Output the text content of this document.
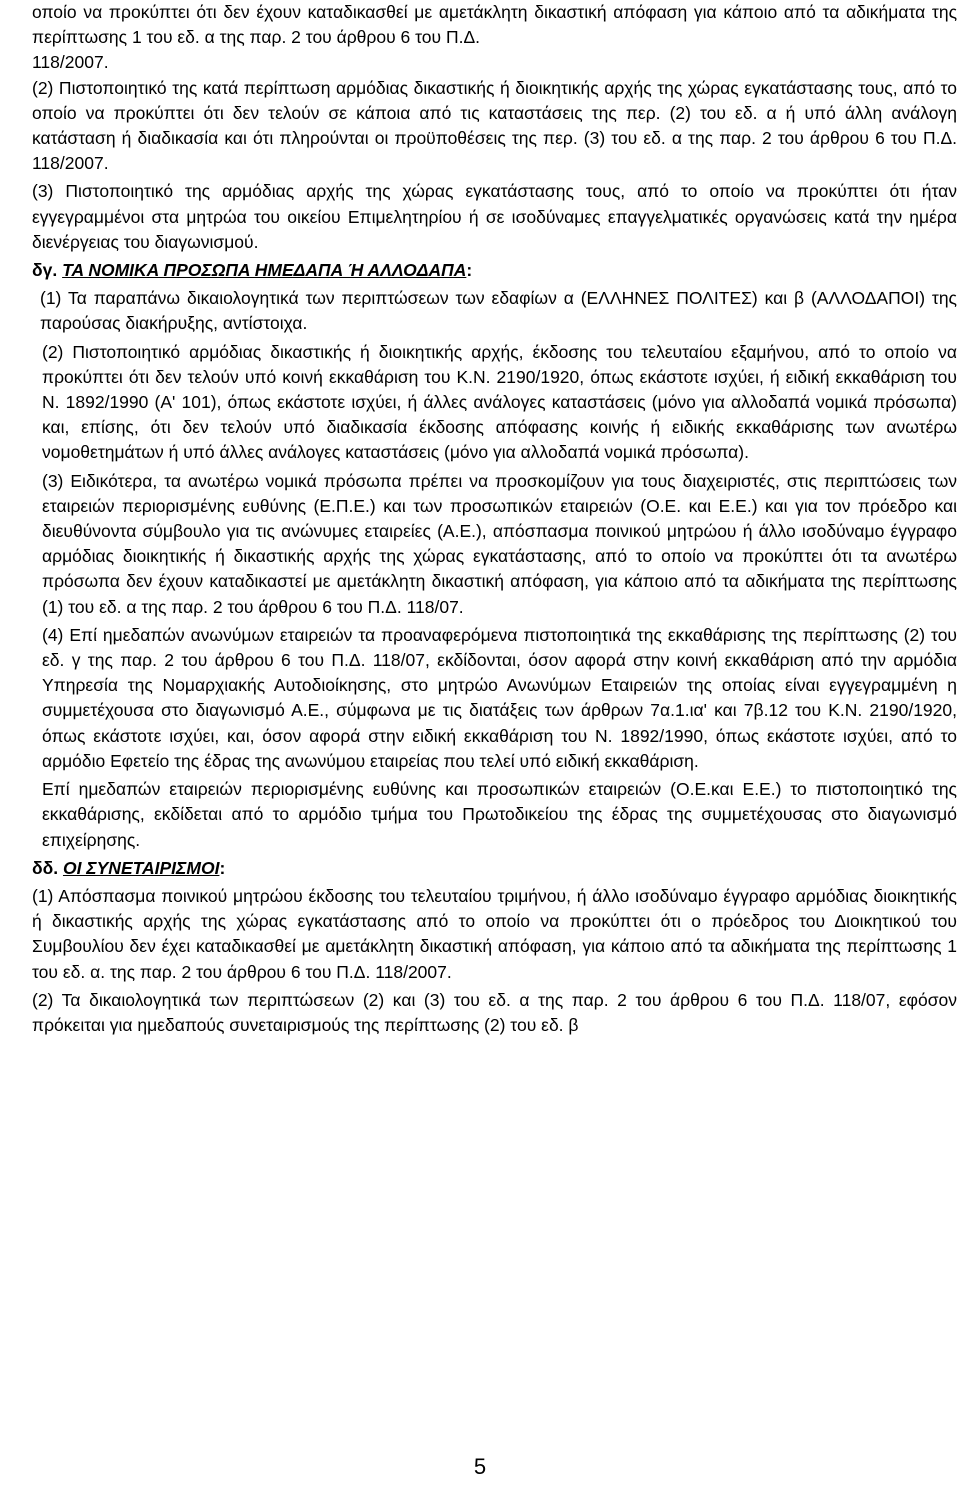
οποίο να προκύπτει ότι δεν έχουν καταδικασθεί με αμετάκλητη δικαστική απόφαση για κάποιο από τα αδικήματα της περίπτωσης 1 του εδ. α της παρ. 2 του άρθρου 6 του Π.Δ.
118/2007.

(2) Πιστοποιητικό της κατά περίπτωση αρμόδιας δικαστικής ή διοικητικής αρχής της χώρας εγκατάστασης τους, από το οποίο να προκύπτει ότι δεν τελούν σε κάποια από τις καταστάσεις της περ. (2) του εδ. α ή υπό άλλη ανάλογη κατάσταση ή διαδικασία και ότι πληρούνται οι προϋποθέσεις της περ. (3) του εδ. α της παρ. 2 του άρθρου 6 του Π.Δ. 118/2007.

(3) Πιστοποιητικό της αρμόδιας αρχής της χώρας εγκατάστασης τους, από το οποίο να προκύπτει ότι ήταν εγγεγραμμένοι στα μητρώα του οικείου Επιμελητηρίου ή σε ισοδύναμες επαγγελματικές οργανώσεις κατά την ημέρα διενέργειας του διαγωνισμού.

δγ. ΤΑ ΝΟΜΙΚΑ ΠΡΟΣΩΠΑ ΗΜΕΔΑΠΑ Ή ΑΛΛΟΔΑΠΑ:

(1) Τα παραπάνω δικαιολογητικά των περιπτώσεων των εδαφίων α (ΕΛΛΗΝΕΣ ΠΟΛΙΤΕΣ) και β (ΑΛΛΟΔΑΠΟΙ) της παρούσας διακήρυξης, αντίστοιχα.

(2) Πιστοποιητικό αρμόδιας δικαστικής ή διοικητικής αρχής, έκδοσης του τελευταίου εξαμήνου, από το οποίο να προκύπτει ότι δεν τελούν υπό κοινή εκκαθάριση του Κ.Ν. 2190/1920, όπως εκάστοτε ισχύει, ή ειδική εκκαθάριση του Ν. 1892/1990 (Α' 101), όπως εκάστοτε ισχύει, ή άλλες ανάλογες καταστάσεις (μόνο για αλλοδαπά νομικά πρόσωπα) και, επίσης, ότι δεν τελούν υπό διαδικασία έκδοσης απόφασης κοινής ή ειδικής εκκαθάρισης των ανωτέρω νομοθετημάτων ή υπό άλλες ανάλογες καταστάσεις (μόνο για αλλοδαπά νομικά πρόσωπα).

(3) Ειδικότερα, τα ανωτέρω νομικά πρόσωπα πρέπει να προσκομίζουν για τους διαχειριστές, στις περιπτώσεις των εταιρειών περιορισμένης ευθύνης (Ε.Π.Ε.) και των προσωπικών εταιρειών (Ο.Ε. και Ε.Ε.) και για τον πρόεδρο και διευθύνοντα σύμβουλο για τις ανώνυμες εταιρείες (Α.Ε.), απόσπασμα ποινικού μητρώου ή άλλο ισοδύναμο έγγραφο αρμόδιας διοικητικής ή δικαστικής αρχής της χώρας εγκατάστασης, από το οποίο να προκύπτει ότι τα ανωτέρω πρόσωπα δεν έχουν καταδικαστεί με αμετάκλητη δικαστική απόφαση, για κάποιο από τα αδικήματα της περίπτωσης (1) του εδ. α της παρ. 2 του άρθρου 6 του Π.Δ. 118/07.

(4) Επί ημεδαπών ανωνύμων εταιρειών τα προαναφερόμενα πιστοποιητικά της εκκαθάρισης της περίπτωσης (2) του εδ. γ της παρ. 2 του άρθρου 6 του Π.Δ. 118/07, εκδίδονται, όσον αφορά στην κοινή εκκαθάριση από την αρμόδια Υπηρεσία της Νομαρχιακής Αυτοδιοίκησης, στο μητρώο Ανωνύμων Εταιρειών της οποίας είναι εγγεγραμμένη η συμμετέχουσα στο διαγωνισμό Α.Ε., σύμφωνα με τις διατάξεις των άρθρων 7α.1.ια' και 7β.12 του Κ.Ν. 2190/1920, όπως εκάστοτε ισχύει, και, όσον αφορά στην ειδική εκκαθάριση του Ν. 1892/1990, όπως εκάστοτε ισχύει, από το αρμόδιο Εφετείο της έδρας της ανωνύμου εταιρείας που τελεί υπό ειδική εκκαθάριση.

Επί ημεδαπών εταιρειών περιορισμένης ευθύνης και προσωπικών εταιρειών (Ο.Ε.και Ε.Ε.) το πιστοποιητικό της εκκαθάρισης, εκδίδεται από το αρμόδιο τμήμα του Πρωτοδικείου της έδρας της συμμετέχουσας στο διαγωνισμό επιχείρησης.

δδ. ΟΙ ΣΥΝΕΤΑΙΡΙΣΜΟΙ:

(1) Απόσπασμα ποινικού μητρώου έκδοσης του τελευταίου τριμήνου, ή άλλο ισοδύναμο έγγραφο αρμόδιας διοικητικής ή δικαστικής αρχής της χώρας εγκατάστασης από το οποίο να προκύπτει ότι ο πρόεδρος του Διοικητικού του Συμβουλίου δεν έχει καταδικασθεί με αμετάκλητη δικαστική απόφαση, για κάποιο από τα αδικήματα της περίπτωσης 1 του εδ. α. της παρ. 2 του άρθρου 6 του Π.Δ. 118/2007.

(2) Τα δικαιολογητικά των περιπτώσεων (2) και (3) του εδ. α της παρ. 2 του άρθρου 6 του Π.Δ. 118/07, εφόσον πρόκειται για ημεδαπούς συνεταιρισμούς της περίπτωσης (2) του εδ. β

5
